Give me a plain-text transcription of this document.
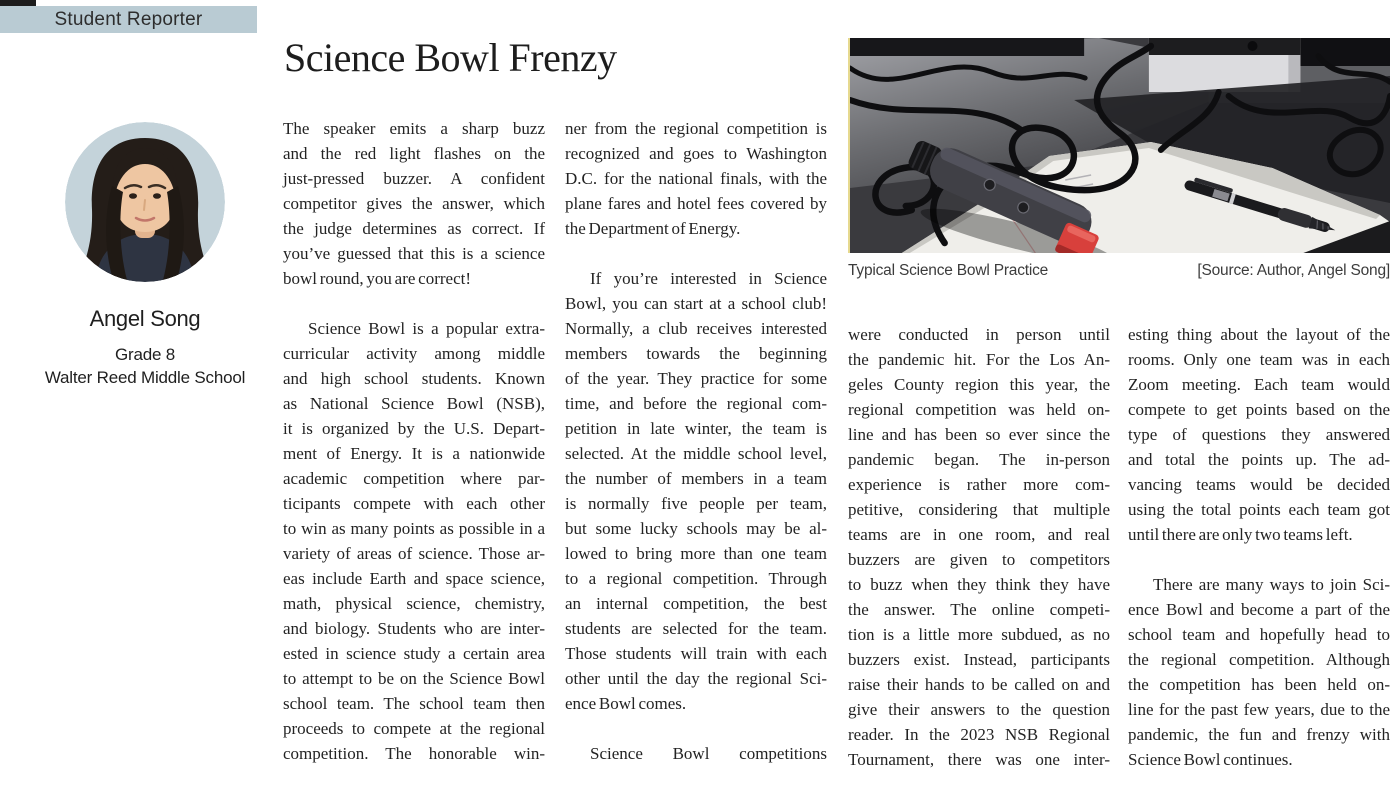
Student Reporter
Angel Song
Grade 8
Walter Reed Middle School
Science Bowl Frenzy
The speaker emits a sharp buzz
and the red light flashes on the
just-pressed buzzer. A confident
competitor gives the answer, which
the judge determines as correct. If
you’ve guessed that this is a science
bowl round, you are correct!
Science Bowl is a popular extra-
curricular activity among middle
and high school students. Known
as National Science Bowl (NSB),
it is organized by the U.S. Depart-
ment of Energy. It is a nationwide
academic competition where par-
ticipants compete with each other
to win as many points as possible in a
variety of areas of science. Those ar-
eas include Earth and space science,
math, physical science, chemistry,
and biology. Students who are inter-
ested in science study a certain area
to attempt to be on the Science Bowl
school team. The school team then
proceeds to compete at the regional
competition. The honorable win-
ner from the regional competition is
recognized and goes to Washington
D.C. for the national finals, with the
plane fares and hotel fees covered by
the Department of Energy.
If you’re interested in Science
Bowl, you can start at a school club!
Normally, a club receives interested
members towards the beginning
of the year. They practice for some
time, and before the regional com-
petition in late winter, the team is
selected. At the middle school level,
the number of members in a team
is normally five people per team,
but some lucky schools may be al-
lowed to bring more than one team
to a regional competition. Through
an internal competition, the best
students are selected for the team.
Those students will train with each
other until the day the regional Sci-
ence Bowl comes.
Science Bowl competitions
Typical Science Bowl Practice	[Source: Author, Angel Song]
were conducted in person until
the pandemic hit. For the Los An-
geles County region this year, the
regional competition was held on-
line and has been so ever since the
pandemic began. The in-person
experience is rather more com-
petitive, considering that multiple
teams are in one room, and real
buzzers are given to competitors
to buzz when they think they have
the answer. The online competi-
tion is a little more subdued, as no
buzzers exist. Instead, participants
raise their hands to be called on and
give their answers to the question
reader. In the 2023 NSB Regional
Tournament, there was one inter-
esting thing about the layout of the
rooms. Only one team was in each
Zoom meeting. Each team would
compete to get points based on the
type of questions they answered
and total the points up. The ad-
vancing teams would be decided
using the total points each team got
until there are only two teams left.
There are many ways to join Sci-
ence Bowl and become a part of the
school team and hopefully head to
the regional competition. Although
the competition has been held on-
line for the past few years, due to the
pandemic, the fun and frenzy with
Science Bowl continues.
